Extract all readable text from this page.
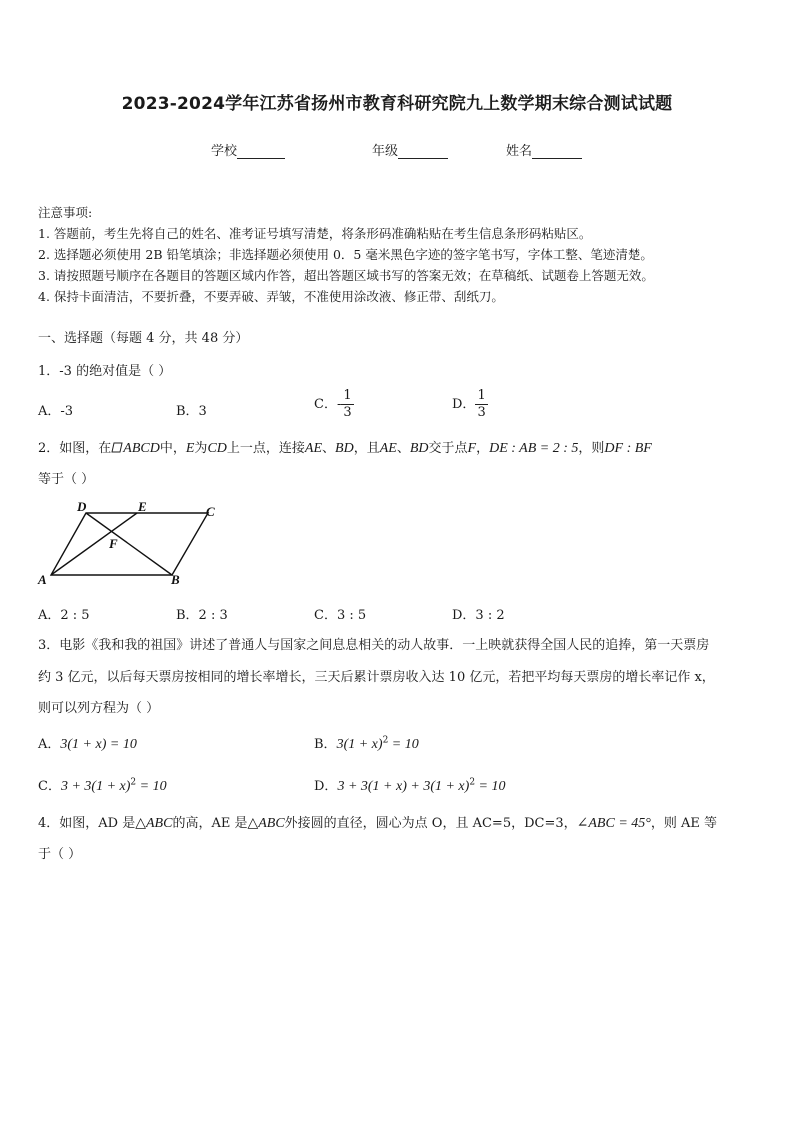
2023-2024学年江苏省扬州市教育科研究院九上数学期末综合测试试题
学校	年级	姓名
注意事项:
1. 答题前，考生先将自己的姓名、准考证号填写清楚，将条形码准确粘贴在考生信息条形码粘贴区。
2. 选择题必须使用 2B 铅笔填涂；非选择题必须使用 0．5 毫米黑色字迹的签字笔书写，字体工整、笔迹清楚。
3. 请按照题号顺序在各题目的答题区域内作答，超出答题区域书写的答案无效；在草稿纸、试题卷上答题无效。
4. 保持卡面清洁，不要折叠，不要弄破、弄皱，不准使用涂改液、修正带、刮纸刀。
一、选择题（每题 4 分，共 48 分）
1．-3 的绝对值是（ ）
A．-3	B．3	C．- $\frac{1}{3}$	D． $\frac{1}{3}$
2．如图，在 ABCD中，E为CD上一点，连接AE、BD，且AE、BD交于点F，DE : AB = 2 : 5，则DF : BF
等于（ ）
D	E	C
F
A	B
A．2 : 5	B．2 : 3	C．3 : 5	D．3 : 2
3．电影《我和我的祖国》讲述了普通人与国家之间息息相关的动人故事．一上映就获得全国人民的追捧，第一天票房
约 3 亿元，以后每天票房按相同的增长率增长，三天后累计票房收入达 10 亿元，若把平均每天票房的增长率记作 x，
则可以列方程为（ ）
A．3(1 + x) = 10	B．$3(1 + x)^2 = 10$
C．$3 + 3(1 + x)^2 = 10$	D．$3 + 3(1 + x) + 3(1 + x)^2 = 10$
4．如图，AD 是△ABC的高，AE 是△ABC外接圆的直径，圆心为点 O，且 AC=5，DC=3，∠ABC = 45°，则 AE 等
于（ ）
